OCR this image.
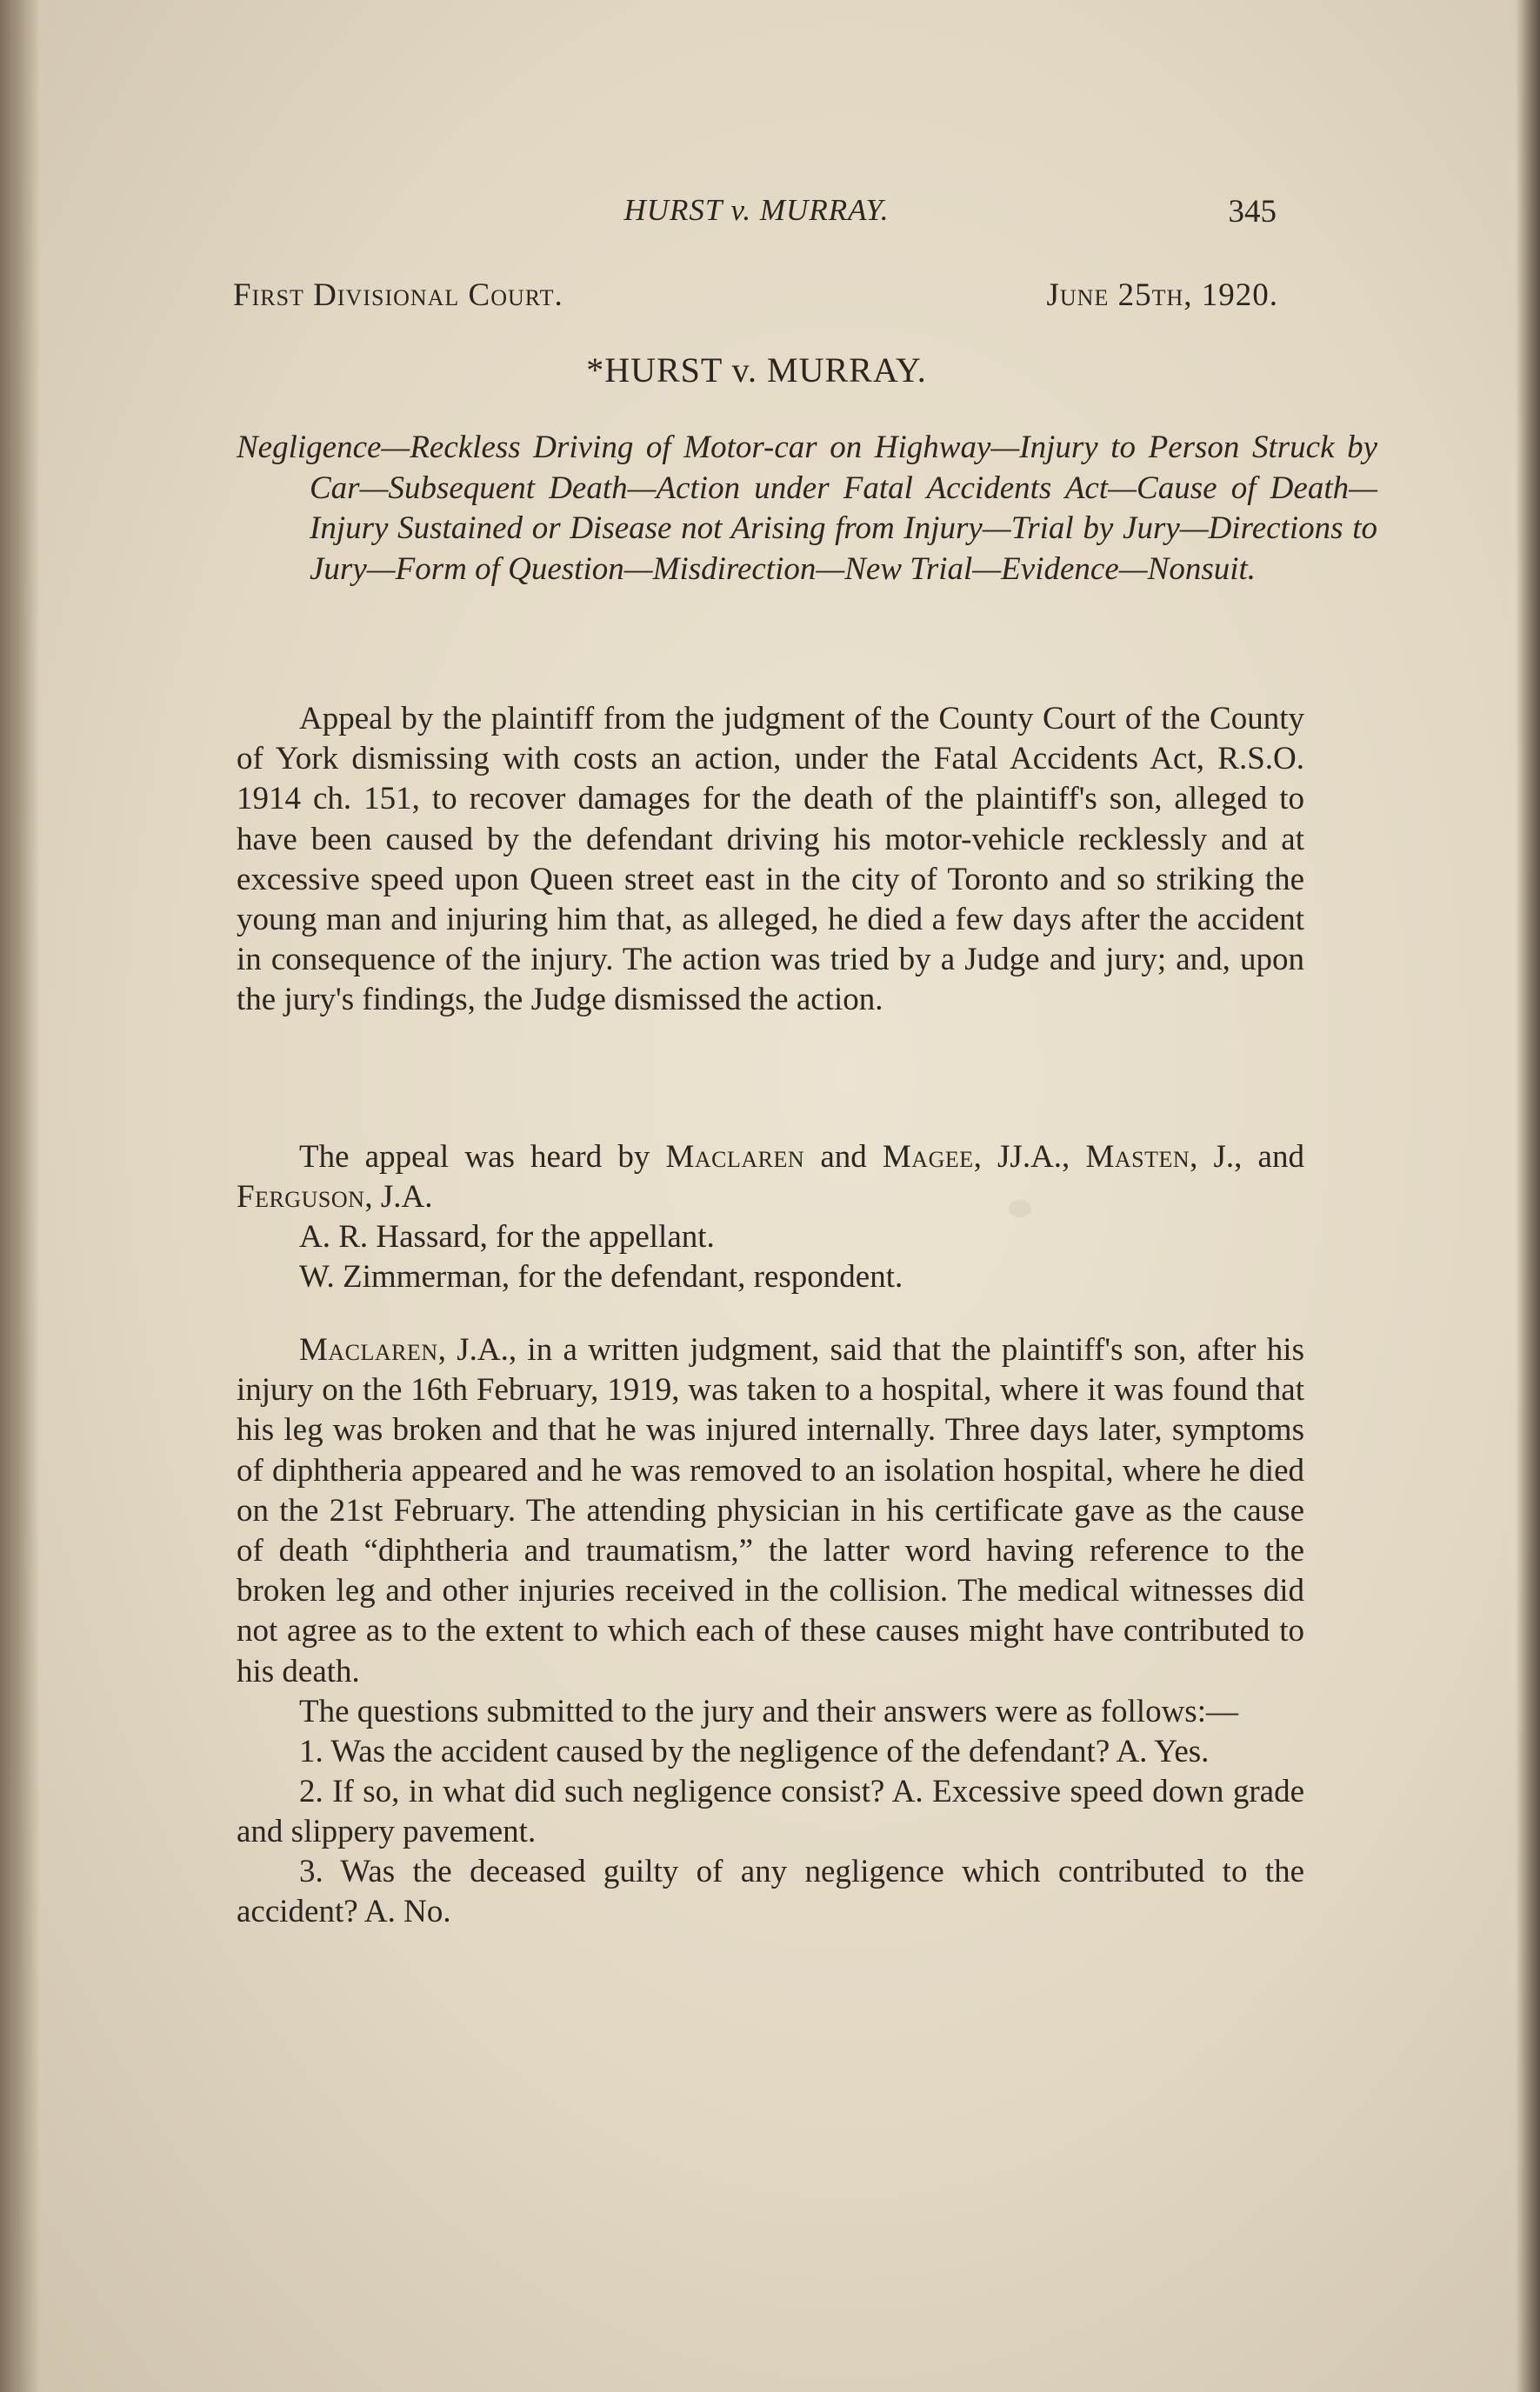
HURST v. MURRAY.	345
First Divisional Court.	June 25th, 1920.
*HURST v. MURRAY.
Negligence—Reckless Driving of Motor-car on Highway—Injury to Person Struck by Car—Subsequent Death—Action under Fatal Accidents Act—Cause of Death—Injury Sustained or Disease not Arising from Injury—Trial by Jury—Directions to Jury—Form of Question—Misdirection—New Trial—Evidence—Nonsuit.

Appeal by the plaintiff from the judgment of the County Court of the County of York dismissing with costs an action, under the Fatal Accidents Act, R.S.O. 1914 ch. 151, to recover damages for the death of the plaintiff's son, alleged to have been caused by the defendant driving his motor-vehicle recklessly and at excessive speed upon Queen street east in the city of Toronto and so striking the young man and injuring him that, as alleged, he died a few days after the accident in consequence of the injury. The action was tried by a Judge and jury; and, upon the jury's findings, the Judge dismissed the action.

The appeal was heard by Maclaren and Magee, JJ.A., Masten, J., and Ferguson, J.A.

A. R. Hassard, for the appellant.

W. Zimmerman, for the defendant, respondent.

Maclaren, J.A., in a written judgment, said that the plaintiff's son, after his injury on the 16th February, 1919, was taken to a hospital, where it was found that his leg was broken and that he was injured internally. Three days later, symptoms of diphtheria appeared and he was removed to an isolation hospital, where he died on the 21st February. The attending physician in his certificate gave as the cause of death “diphtheria and traumatism,” the latter word having reference to the broken leg and other injuries received in the collision. The medical witnesses did not agree as to the extent to which each of these causes might have contributed to his death.

The questions submitted to the jury and their answers were as follows:—

1. Was the accident caused by the negligence of the defendant? A. Yes.

2. If so, in what did such negligence consist? A. Excessive speed down grade and slippery pavement.

3. Was the deceased guilty of any negligence which contributed to the accident? A. No.
